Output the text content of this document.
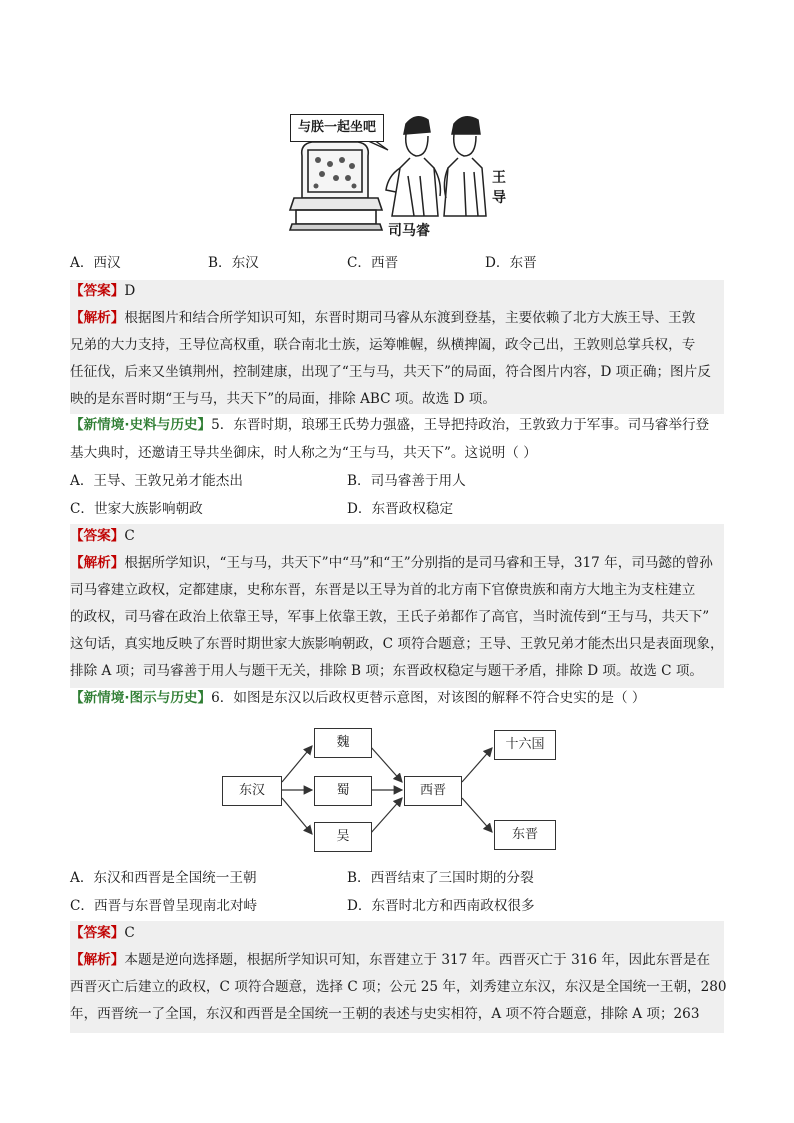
与朕一起坐吧
王导
司马睿
A．西汉	B．东汉	C．西晋	D．东晋
【答案】D
【解析】根据图片和结合所学知识可知，东晋时期司马睿从东渡到登基，主要依赖了北方大族王导、王敦
兄弟的大力支持，王导位高权重，联合南北士族，运筹帷幄，纵横捭阖，政令己出，王敦则总掌兵权，专
任征伐，后来又坐镇荆州，控制建康，出现了“王与马，共天下”的局面，符合图片内容，D 项正确；图片反
映的是东晋时期“王与马，共天下”的局面，排除 ABC 项。故选 D 项。
【新情境·史料与历史】5．东晋时期，琅琊王氏势力强盛，王导把持政治，王敦致力于军事。司马睿举行登
基大典时，还邀请王导共坐御床，时人称之为“王与马，共天下”。这说明（ ）
A．王导、王敦兄弟才能杰出	B．司马睿善于用人
C．世家大族影响朝政	D．东晋政权稳定
【答案】C
【解析】根据所学知识，“王与马，共天下”中“马”和“王”分别指的是司马睿和王导，317 年，司马懿的曾孙
司马睿建立政权，定都建康，史称东晋，东晋是以王导为首的北方南下官僚贵族和南方大地主为支柱建立
的政权，司马睿在政治上依靠王导，军事上依靠王敦，王氏子弟都作了高官，当时流传到“王与马，共天下”
这句话，真实地反映了东晋时期世家大族影响朝政，C 项符合题意；王导、王敦兄弟才能杰出只是表面现象，
排除 A 项；司马睿善于用人与题干无关，排除 B 项；东晋政权稳定与题干矛盾，排除 D 项。故选 C 项。
【新情境·图示与历史】6．如图是东汉以后政权更替示意图，对该图的解释不符合史实的是（ ）
东汉
魏
蜀
吴
西晋
十六国
东晋
A．东汉和西晋是全国统一王朝	B．西晋结束了三国时期的分裂
C．西晋与东晋曾呈现南北对峙	D．东晋时北方和西南政权很多
【答案】C
【解析】本题是逆向选择题，根据所学知识可知，东晋建立于 317 年。西晋灭亡于 316 年，因此东晋是在
西晋灭亡后建立的政权，C 项符合题意，选择 C 项；公元 25 年，刘秀建立东汉，东汉是全国统一王朝，280
年，西晋统一了全国，东汉和西晋是全国统一王朝的表述与史实相符，A 项不符合题意，排除 A 项；263
